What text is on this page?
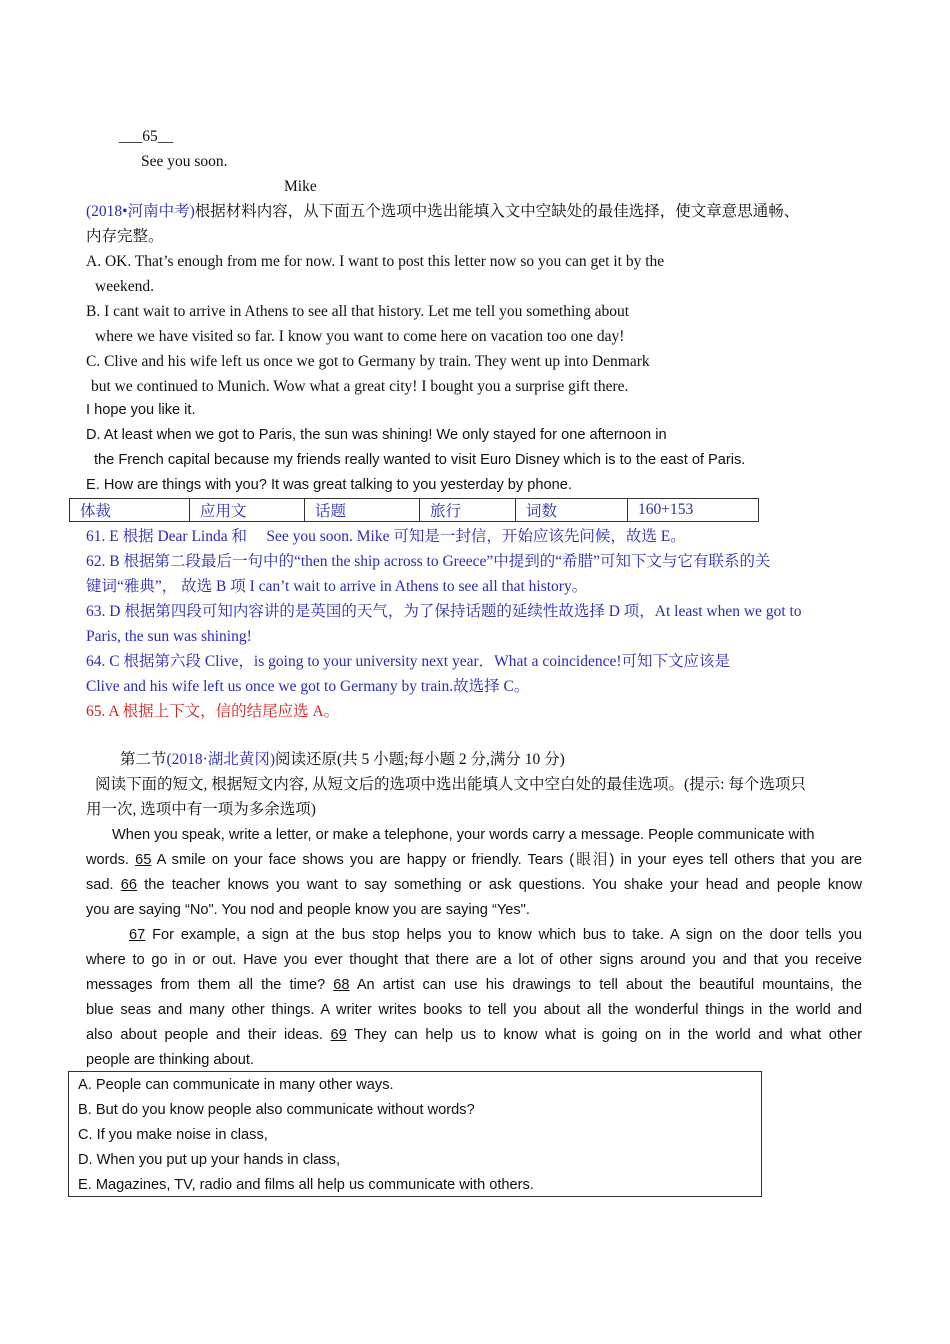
___65__
See you soon.
Mike
(2018•河南中考)根据材料内容，从下面五个选项中选出能填入文中空缺处的最佳选择，使文章意思通畅、
内存完整。
A. OK. That’s enough from me for now. I want to post this letter now so you can get it by the
weekend.
B. I cant wait to arrive in Athens to see all that history. Let me tell you something about
where we have visited so far. I know you want to come here on vacation too one day!
C. Clive and his wife left us once we got to Germany by train. They went up into Denmark
but we continued to Munich. Wow what a great city! I bought you a surprise gift there.
I hope you like it.
D. At least when we got to Paris, the sun was shining! We only stayed for one afternoon in
the French capital because my friends really wanted to visit Euro Disney which is to the east of Paris.
E. How are things with you? It was great talking to you yesterday by phone.
体裁	应用文	话题	旅行	词数	160+153
61. E 根据 Dear Linda 和　 See you soon. Mike 可知是一封信，开始应该先问候，故选 E。
62. B 根据第二段最后一句中的“then the ship across to Greece”中提到的“希腊”可知下文与它有联系的关
键词“雅典”， 故选 B 项 I can’t wait to arrive in Athens to see all that history。
63. D 根据第四段可知内容讲的是英国的天气，为了保持话题的延续性故选择 D 项，At least when we got to
Paris, the sun was shining!
64. C 根据第六段 Clive，is going to your university next year．What a coincidence!可知下文应该是
Clive and his wife left us once we got to Germany by train.故选择 C。
65. A 根据上下文，信的结尾应选 A。
第二节(2018·湖北黄冈)阅读还原(共 5 小题;每小题 2 分,满分 10 分)
阅读下面的短文, 根据短文内容, 从短文后的选项中选出能填人文中空白处的最佳选项。(提示: 每个选项只
用一次, 选项中有一项为多余选项)
When you speak, write a letter, or make a telephone, your words carry a message. People communicate with
words. 65 A smile on your face shows you are happy or friendly. Tears (眼泪) in your eyes tell others that you are
sad. 66 the teacher knows you want to say something or ask questions. You shake your head and people know
you are saying “No". You nod and people know you are saying “Yes".
67 For example, a sign at the bus stop helps you to know which bus to take. A sign on the door tells you
where to go in or out. Have you ever thought that there are a lot of other signs around you and that you receive
messages from them all the time? 68 An artist can use his drawings to tell about the beautiful mountains, the
blue seas and many other things. A writer writes books to tell you about all the wonderful things in the world and
also about people and their ideas. 69 They can help us to know what is going on in the world and what other
people are thinking about.
A. People can communicate in many other ways.
B. But do you know people also communicate without words?
C. If you make noise in class,
D. When you put up your hands in class,
E. Magazines, TV, radio and films all help us communicate with others.
